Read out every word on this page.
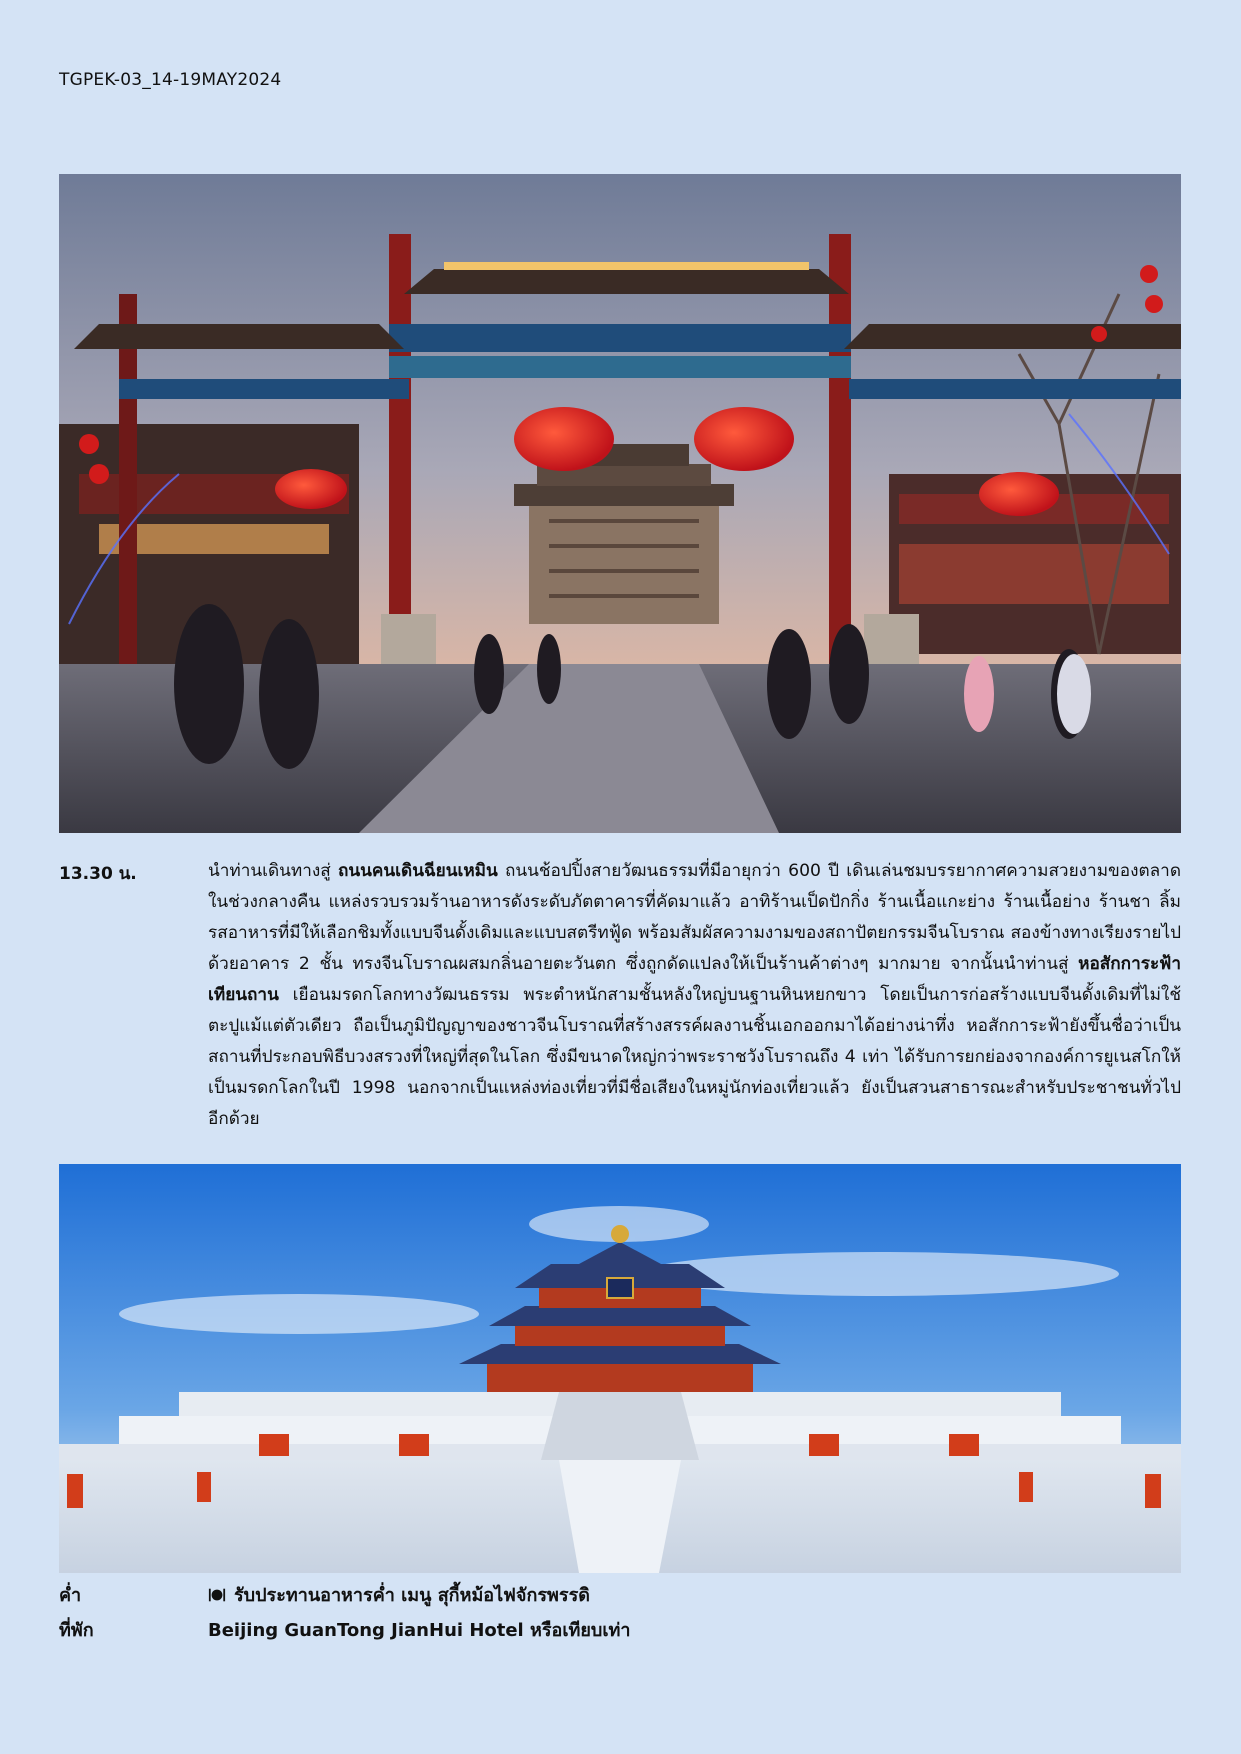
TGPEK-03_14-19MAY2024
13.30 น.	นำท่านเดินทางสู่ ถนนคนเดินฉียนเหมิน ถนนช้อปปิ้งสายวัฒนธรรมที่มีอายุกว่า 600 ปี เดินเล่นชมบรรยากาศความสวยงามของตลาดในช่วงกลางคืน แหล่งรวบรวมร้านอาหารดังระดับภัตตาคารที่คัดมาแล้ว อาทิร้านเป็ดปักกิ่ง ร้านเนื้อแกะย่าง ร้านเนื้อย่าง ร้านชา ลิ้มรสอาหารที่มีให้เลือกชิมทั้งแบบจีนดั้งเดิมและแบบสตรีทฟู้ด พร้อมสัมผัสความงามของสถาปัตยกรรมจีนโบราณ สองข้างทางเรียงรายไปด้วยอาคาร 2 ชั้น ทรงจีนโบราณผสมกลิ่นอายตะวันตก ซึ่งถูกดัดแปลงให้เป็นร้านค้าต่างๆ มากมาย จากนั้นนำท่านสู่ หอสักการะฟ้าเทียนถาน เยือนมรดกโลกทางวัฒนธรรม พระตำหนักสามชั้นหลังใหญ่บนฐานหินหยกขาว โดยเป็นการก่อสร้างแบบจีนดั้งเดิมที่ไม่ใช้ตะปูแม้แต่ตัวเดียว ถือเป็นภูมิปัญญาของชาวจีนโบราณที่สร้างสรรค์ผลงานชิ้นเอกออกมาได้อย่างน่าทึ่ง หอสักการะฟ้ายังขึ้นชื่อว่าเป็นสถานที่ประกอบพิธีบวงสรวงที่ใหญ่ที่สุดในโลก ซึ่งมีขนาดใหญ่กว่าพระราชวังโบราณถึง 4 เท่า ได้รับการยกย่องจากองค์การยูเนสโกให้เป็นมรดกโลกในปี 1998 นอกจากเป็นแหล่งท่องเที่ยวที่มีชื่อเสียงในหมู่นักท่องเที่ยวแล้ว ยังเป็นสวนสาธารณะสำหรับประชาชนทั่วไปอีกด้วย
ค่ำ	รับประทานอาหารค่ำ เมนู สุกี้หม้อไฟจักรพรรดิ
ที่พัก	Beijing GuanTong JianHui Hotel หรือเทียบเท่า
